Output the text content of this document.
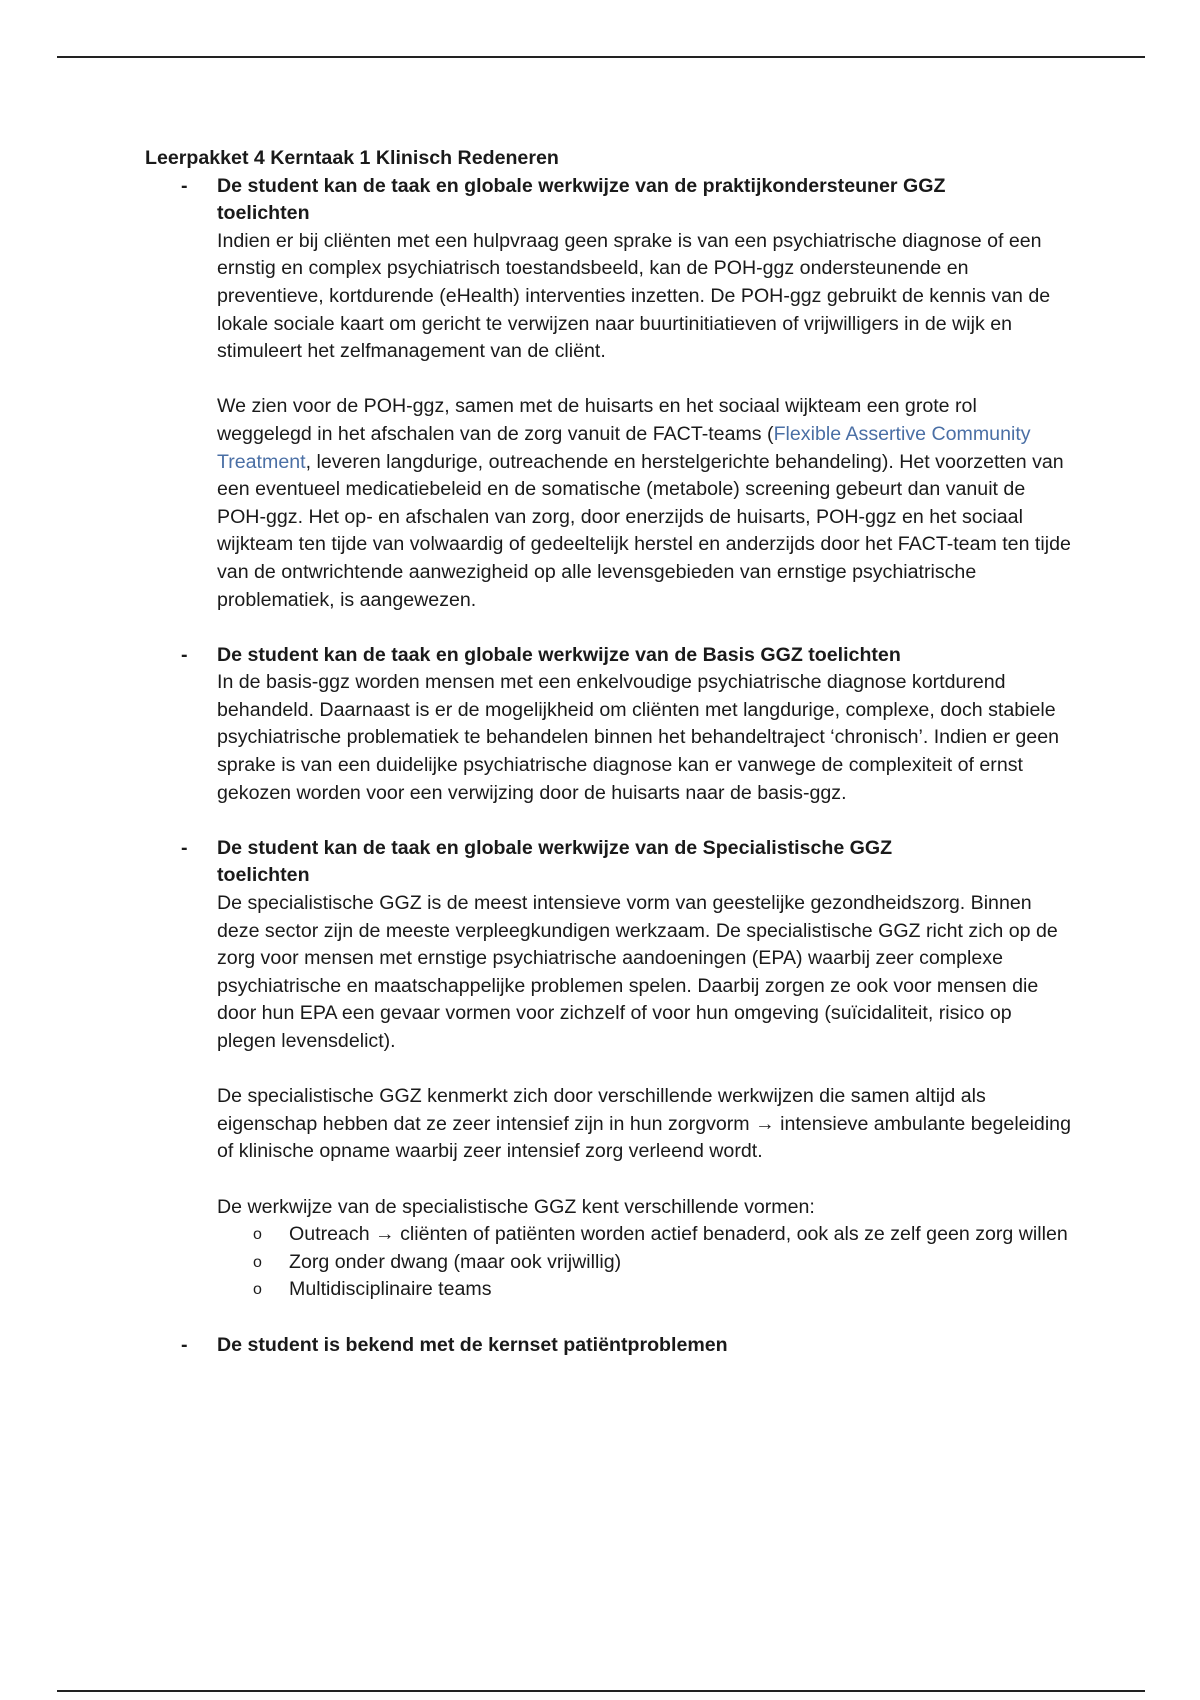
Leerpakket 4 Kerntaak 1 Klinisch Redeneren

- De student kan de taak en globale werkwijze van de praktijkondersteuner GGZ
toelichten

Indien er bij cliënten met een hulpvraag geen sprake is van een psychiatrische diagnose of een ernstig en complex psychiatrisch toestandsbeeld, kan de POH-ggz ondersteunende en preventieve, kortdurende (eHealth) interventies inzetten. De POH-ggz gebruikt de kennis van de lokale sociale kaart om gericht te verwijzen naar buurtinitiatieven of vrijwilligers in de wijk en stimuleert het zelfmanagement van de cliënt.

We zien voor de POH-ggz, samen met de huisarts en het sociaal wijkteam een grote rol weggelegd in het afschalen van de zorg vanuit de FACT-teams (Flexible Assertive Community Treatment, leveren langdurige, outreachende en herstelgerichte behandeling). Het voorzetten van een eventueel medicatiebeleid en de somatische (metabole) screening gebeurt dan vanuit de POH-ggz. Het op- en afschalen van zorg, door enerzijds de huisarts, POH-ggz en het sociaal wijkteam ten tijde van volwaardig of gedeeltelijk herstel en anderzijds door het FACT-team ten tijde van de ontwrichtende aanwezigheid op alle levensgebieden van ernstige psychiatrische problematiek, is aangewezen.

- De student kan de taak en globale werkwijze van de Basis GGZ toelichten

In de basis-ggz worden mensen met een enkelvoudige psychiatrische diagnose kortdurend behandeld. Daarnaast is er de mogelijkheid om cliënten met langdurige, complexe, doch stabiele psychiatrische problematiek te behandelen binnen het behandeltraject ‘chronisch’. Indien er geen sprake is van een duidelijke psychiatrische diagnose kan er vanwege de complexiteit of ernst gekozen worden voor een verwijzing door de huisarts naar de basis-ggz.

- De student kan de taak en globale werkwijze van de Specialistische GGZ
toelichten

De specialistische GGZ is de meest intensieve vorm van geestelijke gezondheidszorg. Binnen deze sector zijn de meeste verpleegkundigen werkzaam. De specialistische GGZ richt zich op de zorg voor mensen met ernstige psychiatrische aandoeningen (EPA) waarbij zeer complexe psychiatrische en maatschappelijke problemen spelen. Daarbij zorgen ze ook voor mensen die door hun EPA een gevaar vormen voor zichzelf of voor hun omgeving (suïcidaliteit, risico op plegen levensdelict).

De specialistische GGZ kenmerkt zich door verschillende werkwijzen die samen altijd als eigenschap hebben dat ze zeer intensief zijn in hun zorgvorm → intensieve ambulante begeleiding of klinische opname waarbij zeer intensief zorg verleend wordt.

De werkwijze van de specialistische GGZ kent verschillende vormen:

o Outreach → cliënten of patiënten worden actief benaderd, ook als ze zelf geen zorg willen
o Zorg onder dwang (maar ook vrijwillig)
o Multidisciplinaire teams
- De student is bekend met de kernset patiëntproblemen
